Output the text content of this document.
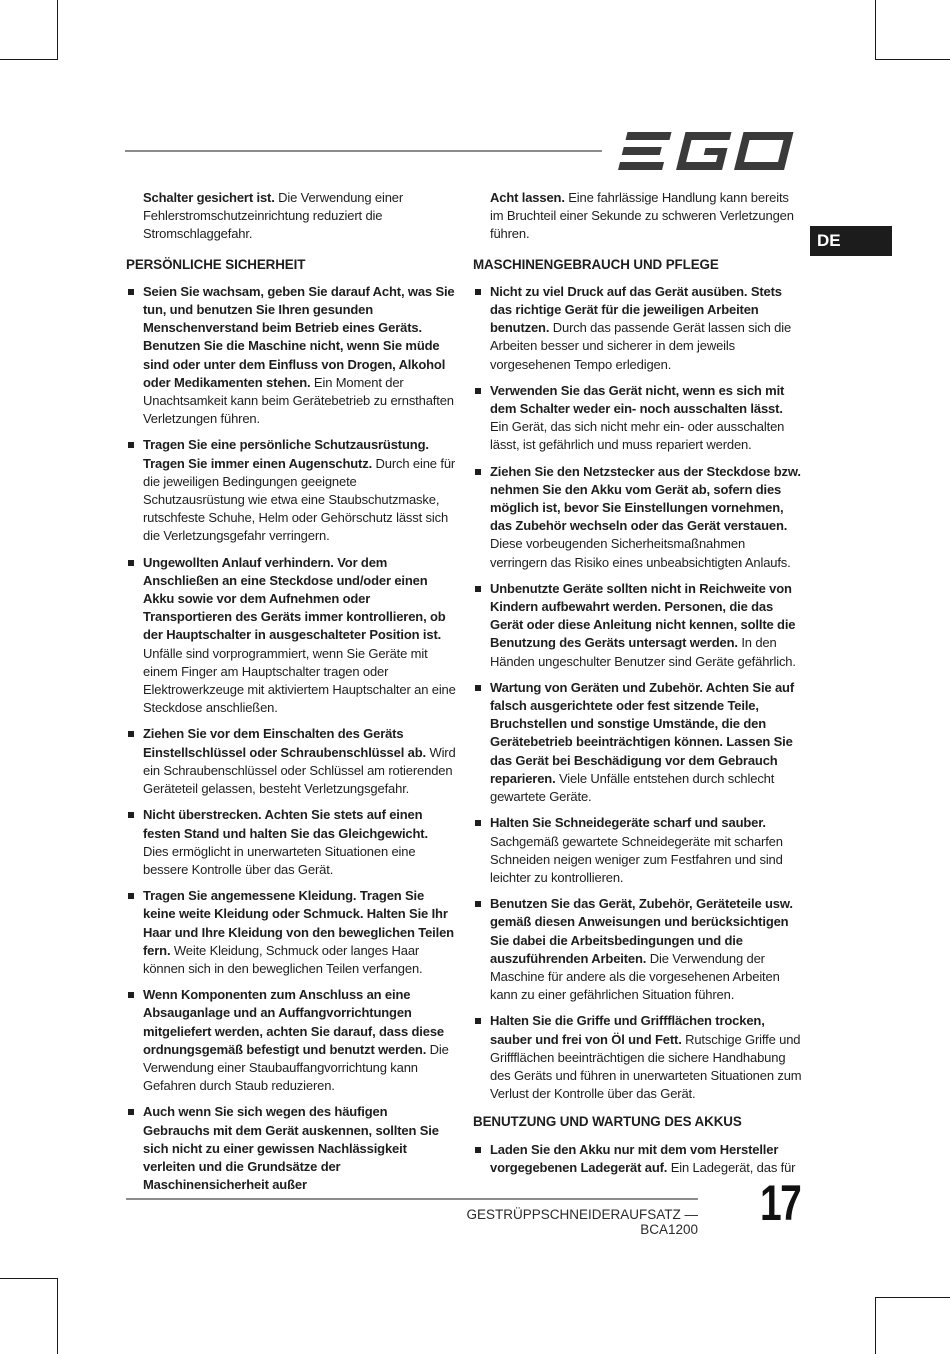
DE

Schalter gesichert ist. Die Verwendung einer Fehlerstromschutzeinrichtung reduziert die Stromschlaggefahr.

PERSÖNLICHE SICHERHEIT
Seien Sie wachsam, geben Sie darauf Acht, was Sie tun, und benutzen Sie Ihren gesunden Menschenverstand beim Betrieb eines Geräts. Benutzen Sie die Maschine nicht, wenn Sie müde sind oder unter dem Einfluss von Drogen, Alkohol oder Medikamenten stehen. Ein Moment der Unachtsamkeit kann beim Gerätebetrieb zu ernsthaften Verletzungen führen.
Tragen Sie eine persönliche Schutzausrüstung. Tragen Sie immer einen Augenschutz. Durch eine für die jeweiligen Bedingungen geeignete Schutzausrüstung wie etwa eine Staubschutzmaske, rutschfeste Schuhe, Helm oder Gehörschutz lässt sich die Verletzungsgefahr verringern.
Ungewollten Anlauf verhindern. Vor dem Anschließen an eine Steckdose und/oder einen Akku sowie vor dem Aufnehmen oder Transportieren des Geräts immer kontrollieren, ob der Hauptschalter in ausgeschalteter Position ist. Unfälle sind vorprogrammiert, wenn Sie Geräte mit einem Finger am Hauptschalter tragen oder Elektrowerkzeuge mit aktiviertem Hauptschalter an eine Steckdose anschließen.
Ziehen Sie vor dem Einschalten des Geräts Einstellschlüssel oder Schraubenschlüssel ab. Wird ein Schraubenschlüssel oder Schlüssel am rotierenden Geräteteil gelassen, besteht Verletzungsgefahr.
Nicht überstrecken. Achten Sie stets auf einen festen Stand und halten Sie das Gleichgewicht. Dies ermöglicht in unerwarteten Situationen eine bessere Kontrolle über das Gerät.
Tragen Sie angemessene Kleidung. Tragen Sie keine weite Kleidung oder Schmuck. Halten Sie Ihr Haar und Ihre Kleidung von den beweglichen Teilen fern. Weite Kleidung, Schmuck oder langes Haar können sich in den beweglichen Teilen verfangen.
Wenn Komponenten zum Anschluss an eine Absauganlage und an Auffangvorrichtungen mitgeliefert werden, achten Sie darauf, dass diese ordnungsgemäß befestigt und benutzt werden. Die Verwendung einer Staubauffangvorrichtung kann Gefahren durch Staub reduzieren.
Auch wenn Sie sich wegen des häufigen Gebrauchs mit dem Gerät auskennen, sollten Sie sich nicht zu einer gewissen Nachlässigkeit verleiten und die Grundsätze der Maschinensicherheit außer

Acht lassen. Eine fahrlässige Handlung kann bereits im Bruchteil einer Sekunde zu schweren Verletzungen führen.

MASCHINENGEBRAUCH UND PFLEGE
Nicht zu viel Druck auf das Gerät ausüben. Stets das richtige Gerät für die jeweiligen Arbeiten benutzen. Durch das passende Gerät lassen sich die Arbeiten besser und sicherer in dem jeweils vorgesehenen Tempo erledigen.
Verwenden Sie das Gerät nicht, wenn es sich mit dem Schalter weder ein- noch ausschalten lässt. Ein Gerät, das sich nicht mehr ein- oder ausschalten lässt, ist gefährlich und muss repariert werden.
Ziehen Sie den Netzstecker aus der Steckdose bzw. nehmen Sie den Akku vom Gerät ab, sofern dies möglich ist, bevor Sie Einstellungen vornehmen, das Zubehör wechseln oder das Gerät verstauen. Diese vorbeugenden Sicherheitsmaßnahmen verringern das Risiko eines unbeabsichtigten Anlaufs.
Unbenutzte Geräte sollten nicht in Reichweite von Kindern aufbewahrt werden. Personen, die das Gerät oder diese Anleitung nicht kennen, sollte die Benutzung des Geräts untersagt werden. In den Händen ungeschulter Benutzer sind Geräte gefährlich.
Wartung von Geräten und Zubehör. Achten Sie auf falsch ausgerichtete oder fest sitzende Teile, Bruchstellen und sonstige Umstände, die den Gerätebetrieb beeinträchtigen können. Lassen Sie das Gerät bei Beschädigung vor dem Gebrauch reparieren. Viele Unfälle entstehen durch schlecht gewartete Geräte.
Halten Sie Schneidegeräte scharf und sauber. Sachgemäß gewartete Schneidegeräte mit scharfen Schneiden neigen weniger zum Festfahren und sind leichter zu kontrollieren.
Benutzen Sie das Gerät, Zubehör, Geräteteile usw. gemäß diesen Anweisungen und berücksichtigen Sie dabei die Arbeitsbedingungen und die auszuführenden Arbeiten. Die Verwendung der Maschine für andere als die vorgesehenen Arbeiten kann zu einer gefährlichen Situation führen.
Halten Sie die Griffe und Griffflächen trocken, sauber und frei von Öl und Fett. Rutschige Griffe und Griffflächen beeinträchtigen die sichere Handhabung des Geräts und führen in unerwarteten Situationen zum Verlust der Kontrolle über das Gerät.
BENUTZUNG UND WARTUNG DES AKKUS
Laden Sie den Akku nur mit dem vom Hersteller vorgegebenen Ladegerät auf. Ein Ladegerät, das für
GESTRÜPPSCHNEIDERAUFSATZ — BCA1200 17
